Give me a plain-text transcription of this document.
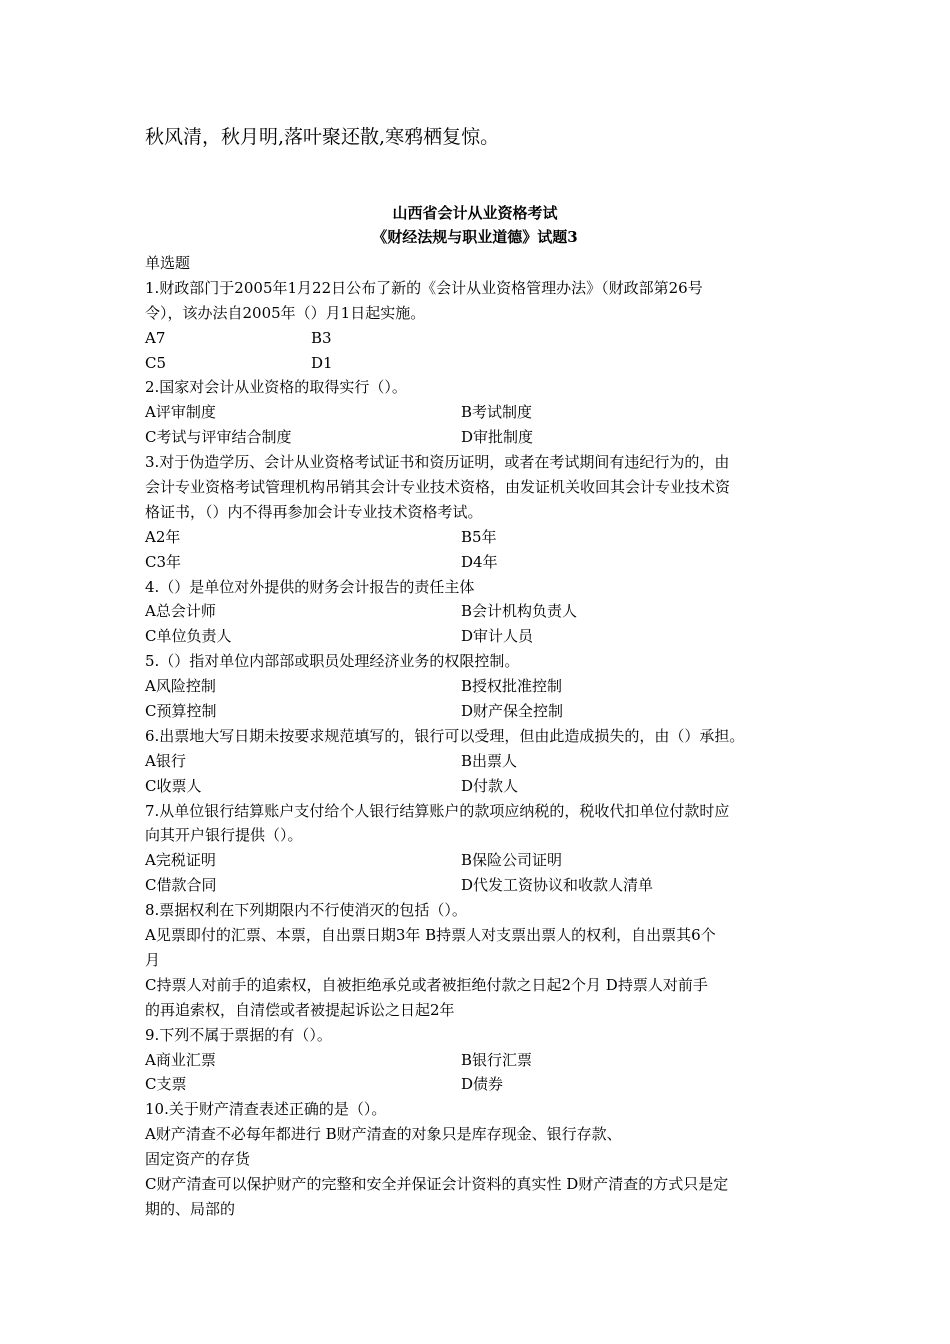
秋风清，秋月明,落叶聚还散,寒鸦栖复惊。
山西省会计从业资格考试
《财经法规与职业道德》试题3
单选题
1.财政部门于2005年1月22日公布了新的《会计从业资格管理办法》（财政部第26号
令），该办法自2005年（）月1日起实施。
A7	B3
C5	D1
2.国家对会计从业资格的取得实行（）。
A评审制度	B考试制度
C考试与评审结合制度	D审批制度
3.对于伪造学历、会计从业资格考试证书和资历证明，或者在考试期间有违纪行为的，由
会计专业资格考试管理机构吊销其会计专业技术资格，由发证机关收回其会计专业技术资
格证书，（）内不得再参加会计专业技术资格考试。
A2年	B5年
C3年	D4年
4.（）是单位对外提供的财务会计报告的责任主体
A总会计师	B会计机构负责人
C单位负责人	D审计人员
5.（）指对单位内部部或职员处理经济业务的权限控制。
A风险控制	B授权批准控制
C预算控制	D财产保全控制
6.出票地大写日期未按要求规范填写的，银行可以受理，但由此造成损失的，由（）承担。
A银行	B出票人
C收票人	D付款人
7.从单位银行结算账户支付给个人银行结算账户的款项应纳税的，税收代扣单位付款时应
向其开户银行提供（）。
A完税证明	B保险公司证明
C借款合同	D代发工资协议和收款人清单
8.票据权利在下列期限内不行使消灭的包括（）。
A见票即付的汇票、本票，自出票日期3年 B持票人对支票出票人的权利，自出票其6个
月
C持票人对前手的追索权，自被拒绝承兑或者被拒绝付款之日起2个月 D持票人对前手
的再追索权，自清偿或者被提起诉讼之日起2年
9.下列不属于票据的有（）。
A商业汇票	B银行汇票
C支票	D债券
10.关于财产清查表述正确的是（）。
A财产清查不必每年都进行 B财产清查的对象只是库存现金、银行存款、
固定资产的存货
C财产清查可以保护财产的完整和安全并保证会计资料的真实性 D财产清查的方式只是定
期的、局部的
